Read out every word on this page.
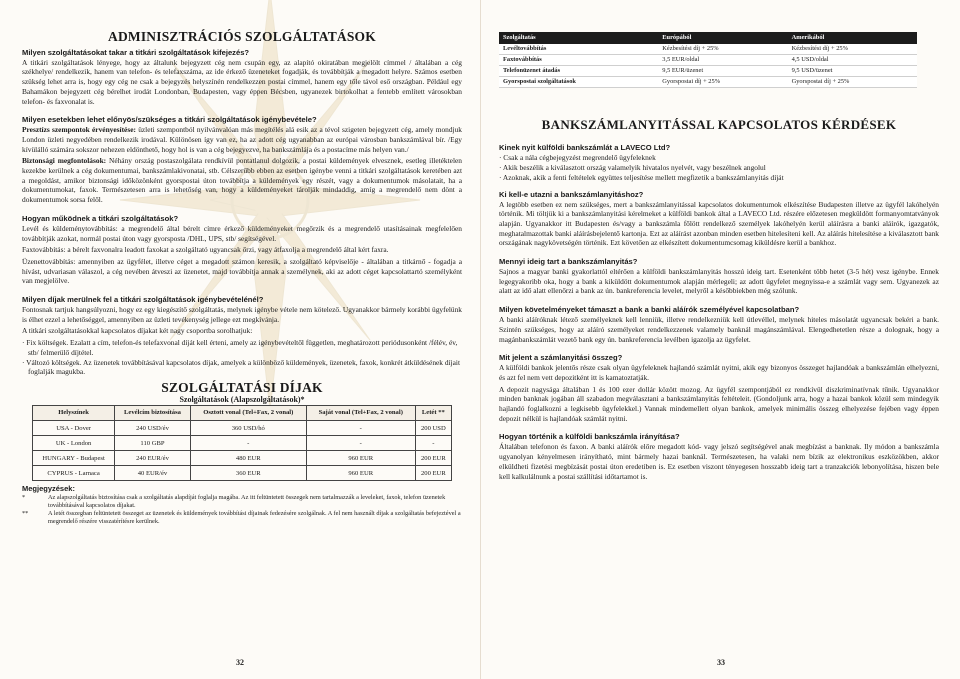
ADMINISZTRÁCIÓS SZOLGÁLTATÁSOK
Milyen szolgáltatásokat takar a titkári szolgáltatások kifejezés?

A titkári szolgáltatások lényege, hogy az általunk bejegyzett cég nem csupán egy, az alapító okiratában megjelölt címmel / általában a cég székhelye/ rendelkezik, hanem van telefon- és telefaxszáma, az ide érkező üzeneteket fogadják, és továbbítják a megadott helyre. Számos esetben szükség lehet arra is, hogy egy cég ne csak a bejegyzés helyszínén rendelkezzen postai címmel, hanem egy tőle távol eső országban. Például egy Bahamákon bejegyzett cég bérelhet irodát Londonban, Budapesten, vagy éppen Bécsben, ugyanezek birtokolhat a fentebb említett városokban telefon- és faxvonalat is.

Milyen esetekben lehet előnyös/szükséges a titkári szolgáltatások igénybevétele?

Presztízs szempontok érvényesítése: üzleti szempontból nyilvánvalóan más megítélés alá esik az a tévol szigeten bejegyzett cég, amely mondjuk London üzleti negyedében rendelkezik irodával. Különösen így van ez, ha az adott cég ugyanabban az európai városban bankszámlával bír. /Egy kívülálló számára sokszor nehezen eldönthető, hogy hol is van a cég bejegyezve, ha bankszámlája és a postacíme más helyen van./

Biztonsági megfontolások: Néhány ország postaszolgálata rendkívül pontatlanul dolgozik, a postai küldemények elvesznek, esetleg illetéktelen kezekbe kerülnek a cég dokumentumai, bankszámlakivonatai, stb. Célszerűbb ebben az esetben igénybe venni a titkári szolgáltatások keretében azt a megoldást, amikor biztonsági időközönként gyorspostai úton továbbítja a küldemények egy részét, vagy a dokumentumok másolatait, ha a dokumentumokat, faxok. Természetesen arra is lehetőség van, hogy a küldeményeket tárolják mindaddig, amíg a megrendelő nem dönt a dokumentumok sorsa felől.

Hogyan működnek a titkári szolgáltatások?

Levél és küldeménytovábbítás: a megrendelő által bérelt címre érkező küldeményeket megőrzik és a megrendelő utasításainak megfelelően továbbítják azokat, normál postai úton vagy gyorsposta /DHL, UPS, stb/ segítségével.

Faxtovábbítás: a bérelt faxvonalra leadott faxokat a szolgáltató ugyancsak őrzi, vagy átfaxolja a megrendelő által kért faxra.

Üzenettovábbítás: amennyiben az ügyfélet, illetve céget a megadott számon keresik, a szolgáltató képviselője - általában a titkárnő - fogadja a hívást, udvariasan válaszol, a cég nevében átveszi az üzenetet, majd továbbítja annak a személynek, aki az adott céget kapcsolattartó személyként van megjelölve.

Milyen díjak merülnek fel a titkári szolgáltatások igénybevételénél?

Fontosnak tartjuk hangsúlyozni, hogy ez egy kiegészítő szolgáltatás, melynek igénybe vétele nem kötelező. Ugyanakkor bármely korábbi ügyfelünk is élhet ezzel a lehetőséggel, amennyiben az üzleti tevékenység jellege ezt megkívánja.

A titkári szolgáltatásokkal kapcsolatos díjakat két nagy csoportba sorolhatjuk:

· Fix költségek. Ezalatt a cím, telefon-és telefaxvonal díját kell érteni, amely az igénybevételtől független, meghatározott periódusonként /félév, év, stb/ felmerülő díjtétel.
· Változó költségek. Az üzenetek továbbításával kapcsolatos díjak, amelyek a különböző küldemények, üzenetek, faxok, konkrét átküldésének díjait foglalják magukba.
SZOLGÁLTATÁSI DÍJAK
Szolgáltatások (Alapszolgáltatások)*
Helyszínek	Levélcím biztosítása	Osztott vonal (Tel+Fax, 2 vonal)	Saját vonal (Tel+Fax, 2 vonal)	Letét **
USA - Dover	240 USD/év	360 USD/hó	-	200 USD
UK - London	110 GBP	-	-	-
HUNGARY - Budapest	240 EUR/év	480 EUR	960 EUR	200 EUR
CYPRUS - Larnaca	40 EUR/év	360 EUR	960 EUR	200 EUR
Megjegyzések:
*	Az alapszolgáltatás biztosítása csak a szolgáltatás alapdíját foglalja magába. Az itt feltüntetett összegek nem tartalmazzák a leveleket, faxok, telefon üzenetek továbbításával kapcsolatos díjakat.
**	A letét összegban feltüntetett összeget az üzenetek és küldemények továbbítási díjainak fedezésére szolgálnak. A fel nem használt díjak a szolgáltatás befejeztével a megrendelő részére visszatérítésre kerülnek.
32
Szolgáltatás	Európából	Amerikából
Levéltovábbítás	Kézbesítési díj + 25%	Kézbesítési díj + 25%
Faxtovábbítás	3,5 EUR/oldal	4,5 USD/oldal
Telefonüzenet átadás	9,5 EUR/üzenet	9,5 USD/üzenet
Gyorspostai szolgáltatások	Gyorspostai díj + 25%	Gyorspostai díj + 25%
BANKSZÁMLANYITÁSSAL KAPCSOLATOS KÉRDÉSEK
Kinek nyit külföldi bankszámlát a LAVECO Ltd?
· Csak a nála cégbejegyzést megrendelő ügyfeleknek
· Akik beszélik a kiválasztott ország valamelyik hivatalos nyelvét, vagy beszélnek angolul
· Azoknak, akik a fenti feltételek együttes teljesítése mellett megfizetik a bankszámlanyitás díját
Ki kell-e utazni a bankszámlanyitáshoz?

A legtöbb esetben ez nem szükséges, mert a bankszámlanyitással kapcsolatos dokumentumok elkészítése Budapesten illetve az ügyfél lakóhelyén történik. Mi töltjük ki a bankszámlanyitási kérelmeket a külföldi bankok által a LAVECO Ltd. részére előzetesen megküldött formanyomtatványok alapján. Ugyanakkor itt Budapesten és/vagy a bankszámla főlött rendelkező személyek lakóhelyén kerül aláírásra a banki aláírók, igazgatók, meghatalmazottak banki aláírásbejelentő kartonja. Ezt az aláírást azonban minden esetben hitelesíteni kell. Az aláírás hitelesítése a kiválasztott bank országának nagykövetségén történik. Ezt követően az elkészített dokumentumcsomag kiküldésre kerül a bankhoz.

Mennyi ideig tart a bankszámlanyitás?

Sajnos a magyar banki gyakorlattól eltérően a külföldi bankszámlanyitás hosszú ideig tart. Esetenként több hetet (3-5 hét) vesz igénybe. Ennek legegyakoribb oka, hogy a bank a kiküldött dokumentumok alapján mérlegeli; az adott ügyfelet megnyissa-e a számlát vagy sem. Ugyanezek az alatt az idő alatt ellenőrzi a bank az ún. bankreferencia levelet, melyről a későbbiekben még szólunk.

Milyen követelményeket támaszt a bank a banki aláírók személyével kapcsolatban?

A banki aláíróknak létező személyeknek kell lenniük, illetve rendelkezniük kell útlevéllel, melynek hiteles másolatát ugyancsak bekéri a bank. Szintén szükséges, hogy az aláíró személyeket rendelkezzenek valamely banknál magánszámlával. Elengedhetetlen része a dolognak, hogy a magánbankszámlát vezető bank egy ún. bankreferencia levélben igazolja az ügyfelet.

Mit jelent a számlanyitási összeg?

A külföldi bankok jelentős része csak olyan ügyfeleknek hajlandó számlát nyitni, akik egy bizonyos összeget hajlandóak a bankszámlán elhelyezni, és azt fel nem vett depozitként itt is kamatoztatják.

A depozit nagysága általában 1 és 100 ezer dollár között mozog. Az ügyfél szempontjából ez rendkívül diszkriminatívnak tűnik. Ugyanakkor minden banknak jogában áll szabadon megválasztani a bankszámlanyitás feltételeit. (Gondoljunk arra, hogy a hazai bankok közül sem mindegyik hajlandó foglalkozni a legkisebb ügyfelekkel.) Vannak mindemellett olyan bankok, amelyek minimális összeg elhelyezése fejében vagy éppen depozit nélkül is hajlandóak számlát nyitni.

Hogyan történik a külföldi bankszámla irányítása?

Általában telefonon és faxon. A banki aláírók előre megadott kód- vagy jelszó segítségével anak megbízást a banknak. Ily módon a bankszámla ugyanolyan kényelmesen irányítható, mint bármely hazai banknál. Természetesen, ha valaki nem bízik az elektronikus eszközökben, akkor elküldheti fizetési megbízását postai úton eredetiben is. Ez esetben viszont tényegesen hosszabb ideig tart a tranzakciók lebonyolítása, hiszen bele kell kalkulálnunk a postai szállítási időtartamot is.

33
